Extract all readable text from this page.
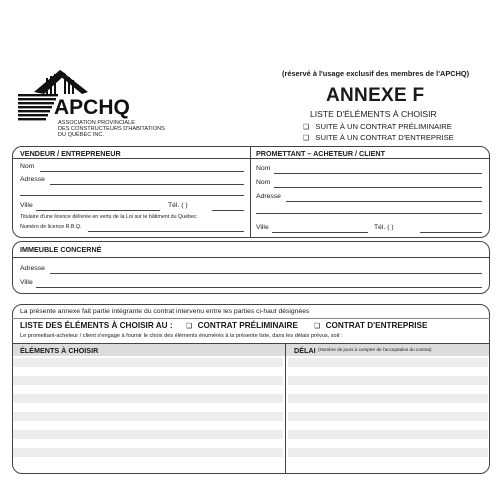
APCHQ
ASSOCIATION PROVINCIALE
DES CONSTRUCTEURS D'HABITATIONS
DU QUÉBEC INC.
(réservé à l'usage exclusif des membres de l'APCHQ)
ANNEXE F
LISTE D'ÉLÉMENTS À CHOISIR
❑ SUITE À UN CONTRAT PRÉLIMINAIRE
❑ SUITE À UN CONTRAT D'ENTREPRISE
VENDEUR / ENTREPRENEUR
Nom
Adresse
Ville	Tél. ( )
Titulaire d'une licence délivrée en vertu de la Loi sur le bâtiment du Québec
Numéro de licence R.B.Q.
PROMETTANT – ACHETEUR / CLIENT
Nom
Nom
Adresse
Ville	Tél. ( )
IMMEUBLE CONCERNÉ
Adresse
Ville
La présente annexe fait partie intégrante du contrat intervenu entre les parties ci-haut désignées
LISTE DES ÉLÉMENTS À CHOISIR AU : ❑ CONTRAT PRÉLIMINAIRE ❑ CONTRAT D'ENTREPRISE
Le promettant-acheteur / client s'engage à fournir le choix des éléments énumérés à la présente liste, dans les délais prévus, soit :
ÉLÉMENTS À CHOISIR	DÉLAI (Nombre de jours à compter de l'acceptation du contrat)
